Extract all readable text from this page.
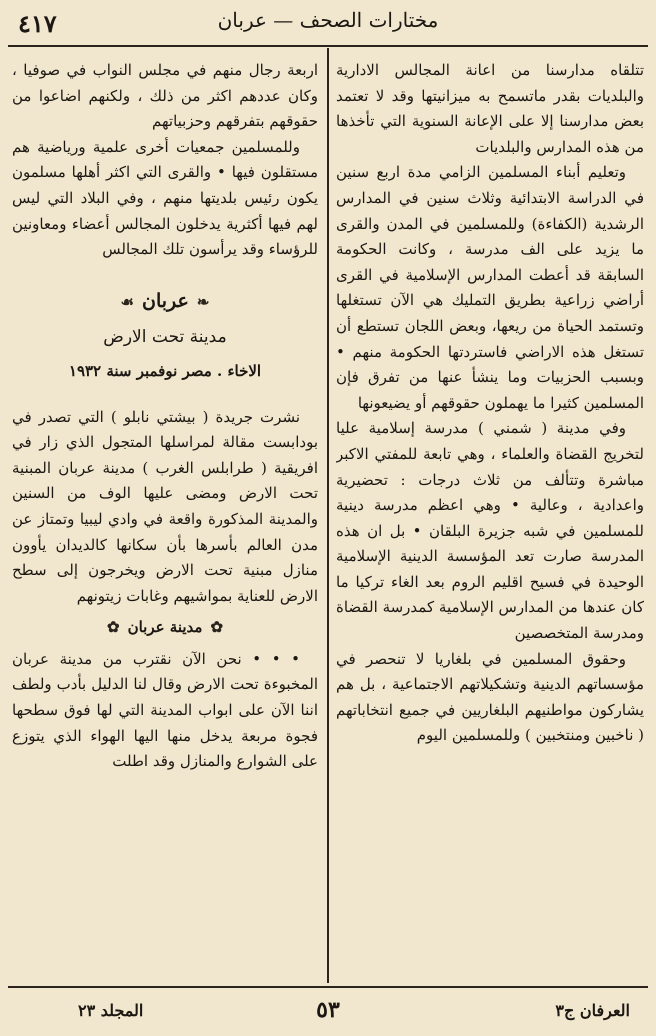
٤١٧	مختارات الصحف — عربان

تتلقاه مدارسنا من اعانة المجالس الادارية والبلديات بقدر ماتسمح به ميزانيتها وقد لا تعتمد بعض مدارسنا إلا على الإعانة السنوية التي تأخذها من هذه المدارس والبلديات

وتعليم أبناء المسلمين الزامي مدة اربع سنين في الدراسة الابتدائية وثلاث سنين في المدارس الرشدية (الكفاءة) وللمسلمين في المدن والقرى ما يزيد على الف مدرسة ، وكانت الحكومة السابقة قد أعطت المدارس الإسلامية في القرى أراضي زراعية بطريق التمليك هي الآن تستغلها وتستمد الحياة من ريعها، وبعض اللجان تستطع أن تستغل هذه الاراضي فاستردتها الحكومة منهم • وبسبب الحزبيات وما ينشأ عنها من تفرق فإن المسلمين كثيرا ما يهملون حقوقهم أو يضيعونها

وفي مدينة ( شمني ) مدرسة إسلامية عليا لتخريج القضاة والعلماء ، وهي تابعة للمفتي الاكبر مباشرة وتتألف من ثلاث درجات : تحضيرية واعدادية ، وعالية • وهي اعظم مدرسة دينية للمسلمين في شبه جزيرة البلقان • بل ان هذه المدرسة صارت تعد المؤسسة الدينية الإسلامية الوحيدة في فسيح اقليم الروم بعد الغاء تركيا ما كان عندها من المدارس الإسلامية كمدرسة القضاة ومدرسة المتخصصين

وحقوق المسلمين في بلغاريا لا تنحصر في مؤسساتهم الدينية وتشكيلاتهم الاجتماعية ، بل هم يشاركون مواطنيهم البلغاريين في جميع انتخاباتهم ( ناخبين ومنتخبين ) وللمسلمين اليوم

اربعة رجال منهم في مجلس النواب في صوفيا ، وكان عددهم اكثر من ذلك ، ولكنهم اضاعوا من حقوقهم بتفرقهم وحزبياتهم

وللمسلمين جمعيات أخرى علمية ورياضية هم مستقلون فيها • والقرى التي اكثر أهلها مسلمون يكون رئيس بلديتها منهم ، وفي البلاد التي ليس لهم فيها أكثرية يدخلون المجالس أعضاء ومعاونين للرؤساء وقد يرأسون تلك المجالس

❧عربان☙
مدينة تحت الارض
الاخاء . مصر نوفمبر سنة ١٩٣٢

نشرت جريدة ( بيشتي نابلو ) التي تصدر في بودابست مقالة لمراسلها المتجول الذي زار في افريقية ( طرابلس الغرب ) مدينة عربان المبنية تحت الارض ومضى عليها الوف من السنين والمدينة المذكورة واقعة في وادي ليبيا وتمتاز عن مدن العالم بأسرها بأن سكانها كالديدان يأوون منازل مبنية تحت الارض ويخرجون إلى سطح الارض للعناية بمواشيهم وغابات زيتونهم

✿مدينة عربان✿

• • • نحن الآن نقترب من مدينة عربان المخبوءة تحت الارض وقال لنا الدليل بأدب ولطف اننا الآن على ابواب المدينة التي لها فوق سطحها فجوة مربعة يدخل منها اليها الهواء الذي يتوزع على الشوارع والمنازل وقد اطلت

المجلد ٢٣	٥٣	العرفان ج٣
